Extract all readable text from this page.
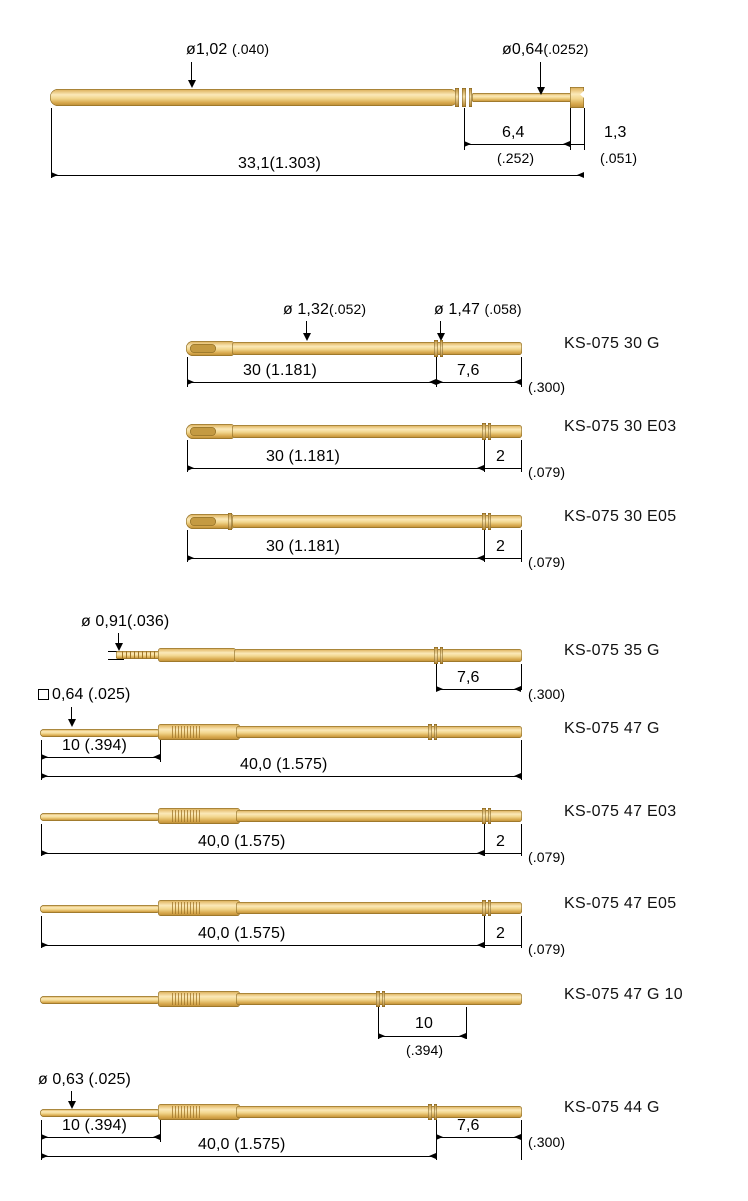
ø1,02 (.040)	ø0,64(.0252)
6,4
(.252)
1,3
(.051)
33,1(1.303)
ø 1,32(.052)	ø 1,47 (.058)
30 (1.181)	7,6
(.300)
KS-075 30 G
30 (1.181)	2
(.079)
KS-075 30 E03
30 (1.181)	2
(.079)
KS-075 30 E05
ø 0,91(.036)
7,6
(.300)
KS-075 35 G
0,64 (.025)
10 (.394)
40,0 (1.575)
KS-075 47 G
40,0 (1.575)	2
(.079)
KS-075 47 E03
40,0 (1.575)	2
(.079)
KS-075 47 E05
10
(.394)
KS-075 47 G 10
ø 0,63 (.025)
10 (.394)	7,6
(.300)
40,0 (1.575)
KS-075 44 G
